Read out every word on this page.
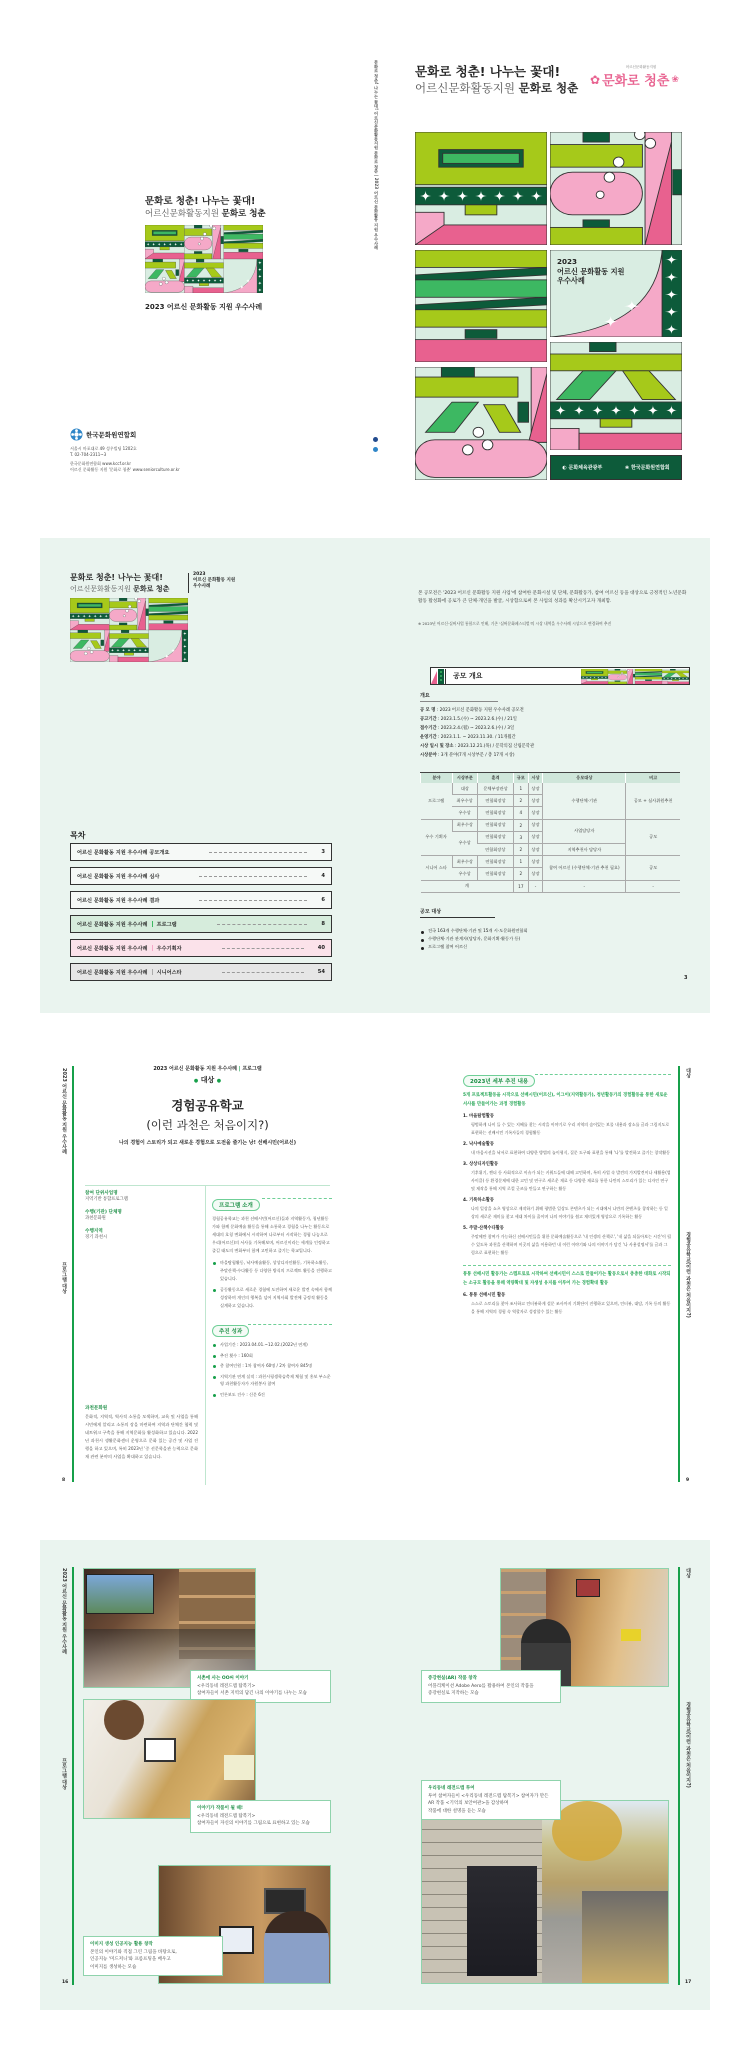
문화로 청춘! 나누는 꽃대!
어르신문화활동지원 문화로 청춘
2023 어르신 문화활동 지원 우수사례
한국문화원연합회
서울시 마포대로 49 성우빌딩 1202호
T. 02-704-2311~3
한국문화원연합회 www.kccf.or.kr
어르신 문화활동 지원 '문화로 청춘' www.seniorculture.or.kr
문화로 청춘! 나누는 꽃대! 어르신문화활동지원 문화로 청춘 | 2023 어르신 문화활동 지원 우수사례	문화로 청춘! 나누는 꽃대!
어르신문화활동지원 문화로 청춘
어르신문화활동지원
✿ 문화로 청춘 ❀
2023
어르신 문화활동 지원
우수사례
◐ 문화체육관광부	❀ 한국문화원연합회
문화로 청춘! 나누는 꽃대!
어르신문화활동지원 문화로 청춘
2023
어르신 문화활동 지원
우수사례
목차
어르신 문화활동 지원 우수사례 공모개요	3
어르신 문화활동 지원 우수사례 심사	4
어르신 문화활동 지원 우수사례 결과	6
어르신 문화활동 지원 우수사례 프로그램	8
어르신 문화활동 지원 우수사례 우수기획자	40
어르신 문화활동 지원 우수사례 시니어스타	54
본 공모전은 '2023 어르신 문화활동 지원 사업'에 참여한 문화시설 및 단체, 문화활동가, 참여 어르신 등을 대상으로 긍정적인 노년문화활동 활성화에 공로가 큰 단체·개인을 발굴, 시상함으로써 본 사업의 성과를 확산시키고자 개최함.
※ 2023년 어르신·실버사업 통합으로 인해, 기존 '실버문화페스티벌'의 시상 내역을 우수사례 시상으로 변경하여 추진
공모 개요
개요
공 모 명 : 2023 어르신 문화활동 지원 우수사례 공모전
공고기간 : 2023.1.5.(수) ~ 2023.2.6.(수) / 21일
접수기간 : 2023.2.4.(월) ~ 2023.2.6.(수) / 3일
운영기간 : 2023.1.1. ~ 2023.11.30. / 11개월간
시상 일시 및 장소 : 2023.12.21.(목) / 문학의집 산림문학관
시상분야 : 3개 분야(7개 시상부문 / 총 17개 시상)
분야	시상부문	훈격	규모	시상	응모대상	비고
프로그램	대상	문체부장관상	1	상장	수행단체·기관	공모 + 심사위원추천
	최우수상	연합회장상	2	상장		
	우수상	연합회장상	4	상장		
우수 기획자	최우수상	연합회장상	2	상장	사업담당자	공모
	우수상	연합회장상	3	상장		
		연합회장상	2	상장	지역추천사 담당자	
시니어 스타	최우수상	연합회장상	1	상장	참여 어르신 (수행단체·기관 추천 필요)	공모
	우수상	연합회장상	2	상장		
계			17	-	-	-
공모 대상
전국 163개 수행단체·기관 및 15개 시·도문화원연합회
수행단체·기관 관계자(담당자, 문화기획·활동가 등)
프로그램 참여 어르신
3
2023 어르신 문화활동 지원 우수사례
프로그램 대상
2023 어르신 문화활동 지원 우수사례 | 프로그램
● 대상 ●
경험공유학교
(이런 과천은 처음이지?)
나의 경험이 스토리가 되고 새로운 경험으로 도전을 즐기는 낭! 선배시민(어르신)
참여 단위사업명
지역기반 통합프로그램
수행(기관) 단체명
과천문화원
수행지역
경기 과천시
과천문화원
문화적, 지역적, 역사적 소통을 모색하며, 교육 및 사업을 통해 시민에게 알리고 소통의 장을 마련하여 지역과 단체간 협력 및 네트워크 구축을 통해 지역문화를 활성화하고 있습니다. 2022년 과천시 생활문화센터 운영으로 문화 있는 공간 및 사업 진행을 하고 있으며, 특히 2023년 '중 선문학을관 능력으로 문화재 관련 분야의 사업을 확대하고 있습니다.
8
프로그램 소개
경험공유학교는 과천 선배시민(어르신)들과 지역활동가, 청년활동가와 함께 문화예술 활동을 통해 소통하고 경험을 나누는 활동으로 세대의 호칭 변화에서 시작하여 나로부터 시작하는 경험 나눔으로 우리(어르신)의 서사를 기록해보며, 어르신이라는 세계를 인정하고 즐길 태도의 변화부터 함께 고민하고 즐기는 학교입니다.
마을탐험활동, 낙사예술활동, 상상디자인활동, 기록하소활동, 주말산책·수다활동 등 다양한 방식의 프로젝트 활동을 진행하고 있습니다.
공동활동으로 새로운 경험에 도전하여 새로운 발견 속에서 함께 성장하며 개인의 행복을 넘어 지역사회 발전에 긍정적 활동을 실계하고 있습니다.
추진 성과
사업기간 : 2023.04.01.~12.02.(2022년 연계)
추진 횟수 : 160회
총 참여인원 : 1차 참여자 60명 / 2차 참여자 845명
지역기관 연계 실적 : 과천시평생학습축제 체험 및 홍보 부스운영 과천활동자가 자원봉사 참여
언론보도 건수 : 신문 6건
2023년 세부 추진 내용
5개 프로젝트활동을 시작으로 선배시민(어르신), 이그이(지역활동가), 청년활동가의 경험활동을 통한 새로운 서사를 만들어가는 과정 경험활동
1. 마을탐험활동
평범하게 나이 들 수 있는 지혜를 찾는 시작을 이야기로 우리 지역의 숨어있는 보물 내용과 장소를 글과 그림지도로 표현하는 선배시민 기록자들의 경험활동
2. 낙사예술활동
내 마음시선을 낙서로 표현하여 다양한 방법의 놀이형식, 질문 도구와 표현을 통해 '나'를 발견하고 즐기는 창작활동
3. 상상디자인활동
기후위기, 젠더 등 사회적으로 이슈가 되는 키워드들에 대해 고민하며, 특히 사업 속 발견의 가치발견이나 새활용(업사이클) 등 환경문제에 대한 고민 및 연구로 새로운 재료 등 다양한 재료를 통한 나만의 스토리가 있는 디자인 연구 및 제작을 통해 지역 로컬 굿즈를 만들고 연구하는 활동
4. 기록하소활동
나의 일상을 쇼츠 영상으로 제작하기 위해 평범한 일상도 콘텐츠가 되는 시대에서 나만의 콘텐츠를 창작하는 등 일상의 새로운 재미를 찾고 세대 차이를 줄이며 나의 이야기를 쉽고 재미있게 영상으로 기록하는 활동
5. 주말·산책수다활동
주말에만 참여가 가능하신 선배시민들을 위한 문화예술활동으로 '내 인생의 산책로', '내 삶을 되돌아보는 시간'이 될 수 있도록 과천을 산책하며 이곳의 삶을 이용하던 내 이런 이야기와 나의 이야기가 담긴 '나 사용설명서'를 글과 그림으로 표현하는 활동
통통 선배시민 활동가는 스텝프로로 시작하여 선배시민이 스스로 만들어가는 활동으로서 충충한 대화로 시작되는 소규모 활동을 통해 역량확대 및 자생성 유지를 이루어 가는 경험확대 활동
6. 통통 선배시민 활동
스스로 스토리를 찾아 조사하고 인터뷰하게 설문 조사까지 기획단이 진행하고 있으며, 인터뷰, 대담, 기록 등의 활동을 통해 지역의 경험 속 역할자로 성장할수 있는 활동
대상
경험공유학교(이런 과천은 처음이지?)
9
2023 어르신 문화활동 지원 우수사례
프로그램 대상
서촌에 사는 OO씨 이야기
<우리동네 레전드맵 탐복기>
참여자들이 서촌 지역의 담긴 나의 이야기를 나누는 모습
이야기가 작품이 될 때!
<우리동네 레전드맵 탐복기>
참여자들이 자신의 이야기를 그림으로 표현하고 있는 모습
이미지 생성 인공지능 활용 창작
본인의 이야기와 직접 그린 그림을 바탕으로,
인공지능 '미드저니'와 프롬프팅을 배우고
이미지를 생성하는 모습
16
증강현실(AR) 작품 창작
어플리케이션 Adobe Aero를 활용하여 본인의 작품을
증강현실로 지작하는 모습
우리동네 레전드맵 투어
투어 참여자들이 <우리동네 레전드맵 탐복기> 참여자가 만든
AR 작품 <기억의 보안여관>을 감상하며
작품에 대한 설명을 듣는 모습
대상
경험공유학교(이런 과천은 처음이지?)
17
